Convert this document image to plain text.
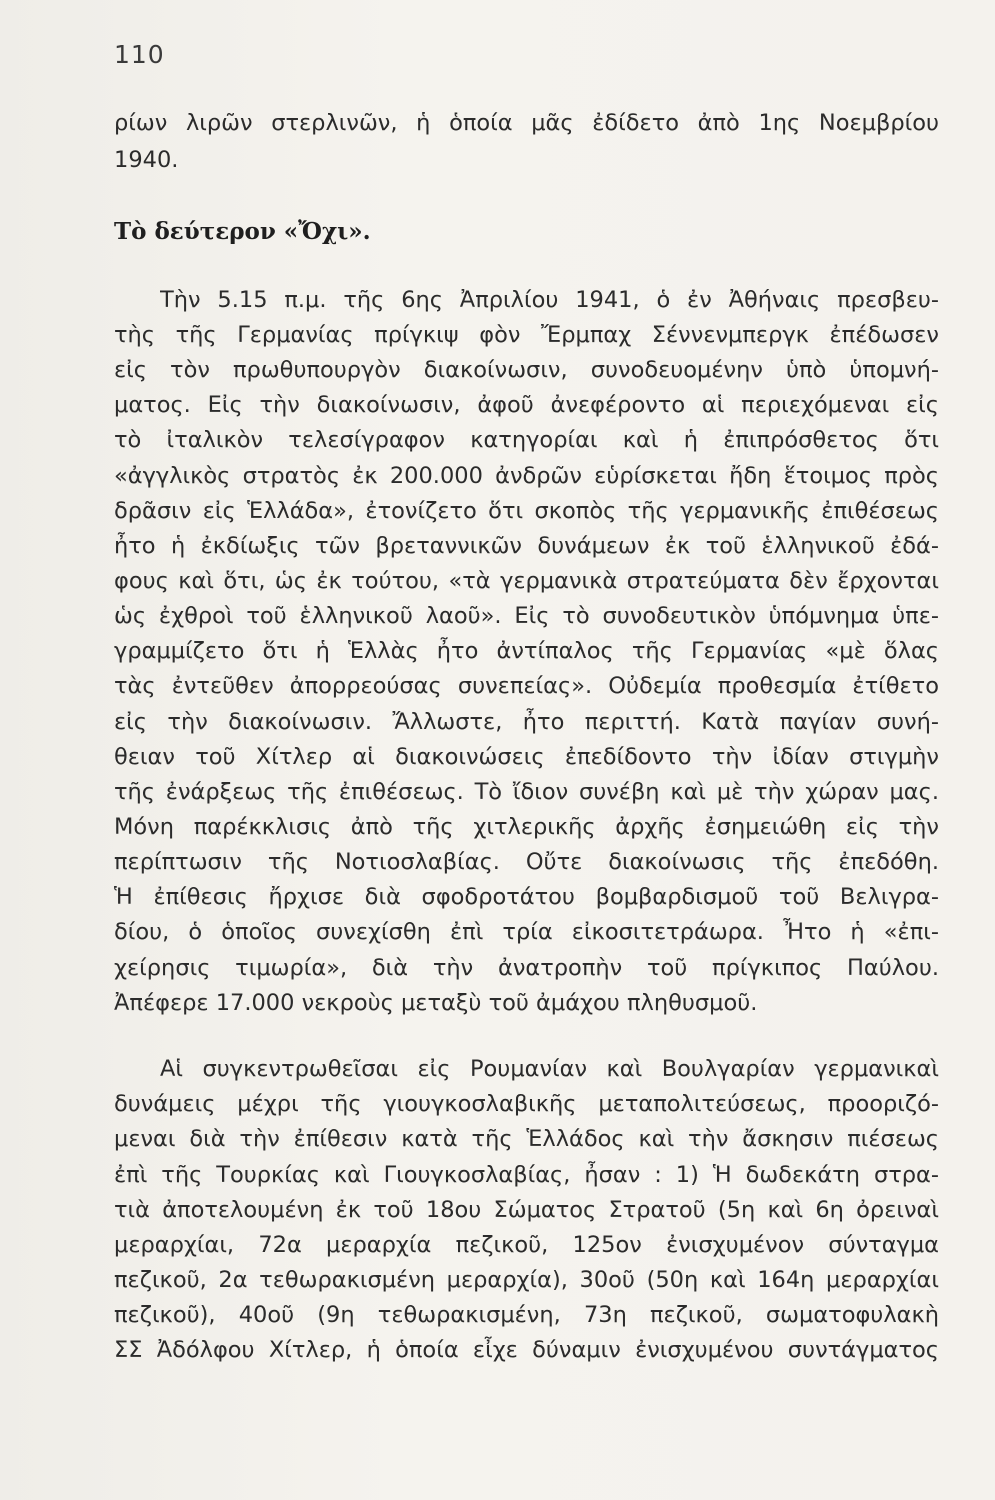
110
ρίων λιρῶν στερλινῶν, ἡ ὁποία μᾶς ἐδίδετο ἀπὸ 1ης Νοεμβρίου
1940.
Τὸ δεύτερον «Ὄχι».
Τὴν 5.15 π.μ. τῆς 6ης Ἀπριλίου 1941, ὁ ἐν Ἀθήναις πρεσβευ-
τὴς τῆς Γερμανίας πρίγκιψ φὸν Ἔρμπαχ Σέννενμπεργκ ἐπέδωσεν
εἰς τὸν πρωθυπουργὸν διακοίνωσιν, συνοδευομένην ὑπὸ ὑπομνή-
ματος. Εἰς τὴν διακοίνωσιν, ἀφοῦ ἀνεφέροντο αἱ περιεχόμεναι εἰς
τὸ ἰταλικὸν τελεσίγραφον κατηγορίαι καὶ ἡ ἐπιπρόσθετος ὅτι
«ἀγγλικὸς στρατὸς ἐκ 200.000 ἀνδρῶν εὑρίσκεται ἤδη ἕτοιμος πρὸς
δρᾶσιν εἰς Ἑλλάδα», ἐτονίζετο ὅτι σκοπὸς τῆς γερμανικῆς ἐπιθέσεως
ἦτο ἡ ἐκδίωξις τῶν βρεταννικῶν δυνάμεων ἐκ τοῦ ἑλληνικοῦ ἐδά-
φους καὶ ὅτι, ὡς ἐκ τούτου, «τὰ γερμανικὰ στρατεύματα δὲν ἔρχονται
ὡς ἐχθροὶ τοῦ ἑλληνικοῦ λαοῦ». Εἰς τὸ συνοδευτικὸν ὑπόμνημα ὑπε-
γραμμίζετο ὅτι ἡ Ἑλλὰς ἦτο ἀντίπαλος τῆς Γερμανίας «μὲ ὅλας
τὰς ἐντεῦθεν ἀπορρεούσας συνεπείας». Οὐδεμία προθεσμία ἐτίθετο
εἰς τὴν διακοίνωσιν. Ἄλλωστε, ἦτο περιττή. Κατὰ παγίαν συνή-
θειαν τοῦ Χίτλερ αἱ διακοινώσεις ἐπεδίδοντο τὴν ἰδίαν στιγμὴν
τῆς ἐνάρξεως τῆς ἐπιθέσεως. Τὸ ἴδιον συνέβη καὶ μὲ τὴν χώραν μας.
Μόνη παρέκκλισις ἀπὸ τῆς χιτλερικῆς ἀρχῆς ἐσημειώθη εἰς τὴν
περίπτωσιν τῆς Νοτιοσλαβίας. Οὔτε διακοίνωσις τῆς ἐπεδόθη.
Ἡ ἐπίθεσις ἤρχισε διὰ σφοδροτάτου βομβαρδισμοῦ τοῦ Βελιγρα-
δίου, ὁ ὁποῖος συνεχίσθη ἐπὶ τρία εἰκοσιτετράωρα. Ἦτο ἡ «ἐπι-
χείρησις τιμωρία», διὰ τὴν ἀνατροπὴν τοῦ πρίγκιπος Παύλου.
Ἀπέφερε 17.000 νεκροὺς μεταξὺ τοῦ ἀμάχου πληθυσμοῦ.
Αἱ συγκεντρωθεῖσαι εἰς Ρουμανίαν καὶ Βουλγαρίαν γερμανικαὶ
δυνάμεις μέχρι τῆς γιουγκοσλαβικῆς μεταπολιτεύσεως, προοριζό-
μεναι διὰ τὴν ἐπίθεσιν κατὰ τῆς Ἑλλάδος καὶ τὴν ἄσκησιν πιέσεως
ἐπὶ τῆς Τουρκίας καὶ Γιουγκοσλαβίας, ἦσαν : 1) Ἡ δωδεκάτη στρα-
τιὰ ἀποτελουμένη ἐκ τοῦ 18ου Σώματος Στρατοῦ (5η καὶ 6η ὀρειναὶ
μεραρχίαι, 72α μεραρχία πεζικοῦ, 125ον ἐνισχυμένον σύνταγμα
πεζικοῦ, 2α τεθωρακισμένη μεραρχία), 30οῦ (50η καὶ 164η μεραρχίαι
πεζικοῦ), 40οῦ (9η τεθωρακισμένη, 73η πεζικοῦ, σωματοφυλακὴ
ΣΣ Ἀδόλφου Χίτλερ, ἡ ὁποία εἶχε δύναμιν ἐνισχυμένου συντάγματος
